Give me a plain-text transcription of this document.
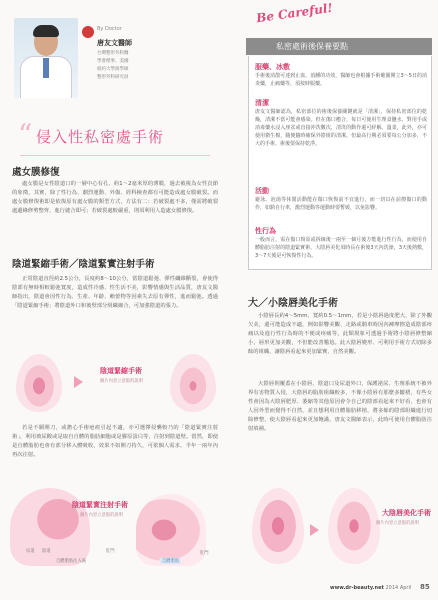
By Doctor
唐友文醫師
台灣整形外科醫
學會理事、美國
紐約大學商學碩
整形外科研究員
“ 侵入性私密處手術
處女膜修復
處女膜是女性陰道口的一層中心有孔、約1～2毫米厚的薄膜，過去被視為女性貞節的象徵，其實，除了性行為、劇烈運動、外傷、經科檢查都有可能造成處女膜破裂。而處女膜修復術即是依復原有處女膜的類型方式，方法有二：若破裂處不多，僅需將破裂處邊緣修剪整齊，進行縫合即可；若破裂處較嚴重，則須利用人造處女膜修復。
陰道緊縮手術／陰道緊實注射手術
正常陰道直徑約2.5公分，長度約8～10公分，當陰道鬆弛、彈性纖維斷裂，會使得陰部有無時相較鬆弛寬度，造成性冷感、性生活不美，影響情感與生活品質，唐友文醫師指出，陰道會因性行為、生產、年齡、賴蕾物等因素失去原有彈性，進而鬆弛。透過「陰道緊縮手術」將陰道外口和後壁部分組織縮合，可加強陰道的張力。
陰道緊縮手術
圖片內容立意版的說明
若是不願開刀，或擔心手術疤痕引起不適，亦可選擇侵襲較乃的「陰道緊實注射術」，利用玻尿酸或是取自自體的脂肪細胞或是膠原蛋白等，注射到陰道壁。當然，即使是自體脂肪也會有部分移入體吸收，效果不如開刀持久，可依個人需求，半年一兩年內再次注射。
陰道緊實注射手術
圖片內容立意版的說明
尿道 陰道	肛門
自體脂肪注入處	自體脂肪
肛門
Be Careful!
私密處術後保養要點
服藥、冰敷
手術後消散可達到止血、消腫的功效，醫師也會根據手術範圍開立3～5日的消炎藥，止痛藥等，須按時服藥。
清潔
唐友文醫師認為，私密部位的術後保養關鍵就是「清潔」，保持私密部位的乾燥，清潔不當可能會感染。但在傷口癒合，每日可使用生理食鹽水，對用手或消毒藥水浸入座盆或直接沖洗數次，清洗的動作還可紓解。溫柔，此外，亦可使用衛生棉，隨便隨時確保外陰組的清潔。但最高行期必須要每公分加多，不大的手術，術後要保持乾淨。
活動
避泳、泡湯等休閒活動能在傷口恢復前不宜進行，而一切以在前擦傷口的動作，如騎自行車，激烈運動等運動時要暫緩，以免影響。
性行為
一般而言，需在傷口復原或拆線後一兩至一個月後方能進行性行為，而使用自體脂肪注射的陰道緊實術，大陰唇美化須時長在術後3天內洗澡，3天後熱敷，3～7天後是可恢復性行為。
大／小陰唇美化手術
小陰唇長約4～5mm，寬約0.5～1mm，若是小陰唇過度肥大，除了外觀欠美，還可能造成不適，例如影響美觀、走路或騎車時因內褲摩擦造成陰部疼痛以及進行性行為時的不便或疼痛等，此類現象可透過手術將小陰唇修整縮小，唇形更加美觀，不但能改善尷尬。此大陰唇變形、可利用手術方式切除多餘的組織，讓陰唇看起來更加緊實、自然美觀。
大陰唇則覆蓋在小陰唇、陰道口及尿道外口，保護泌尿、生殖系統不被外界有害物質入侵，大陰唇的脂肪組織較多，不像小陰唇有那麼多皺褶，有些女性會因為大陰唇肥厚、萎縮等其他原因會令自己的陰部看起來不好看，也會有人因外型而覺得不自然，並且想利用自體脂肪移植，將多餘的陰部組織進行切除修整，使大陰唇看起來更加飽滿，唐友文醫師表示，此時可使用自體脂肪注射填補。
大陰唇美化手術
圖片內容立意版的說明
www.dr-beauty.net 2014 April 85
